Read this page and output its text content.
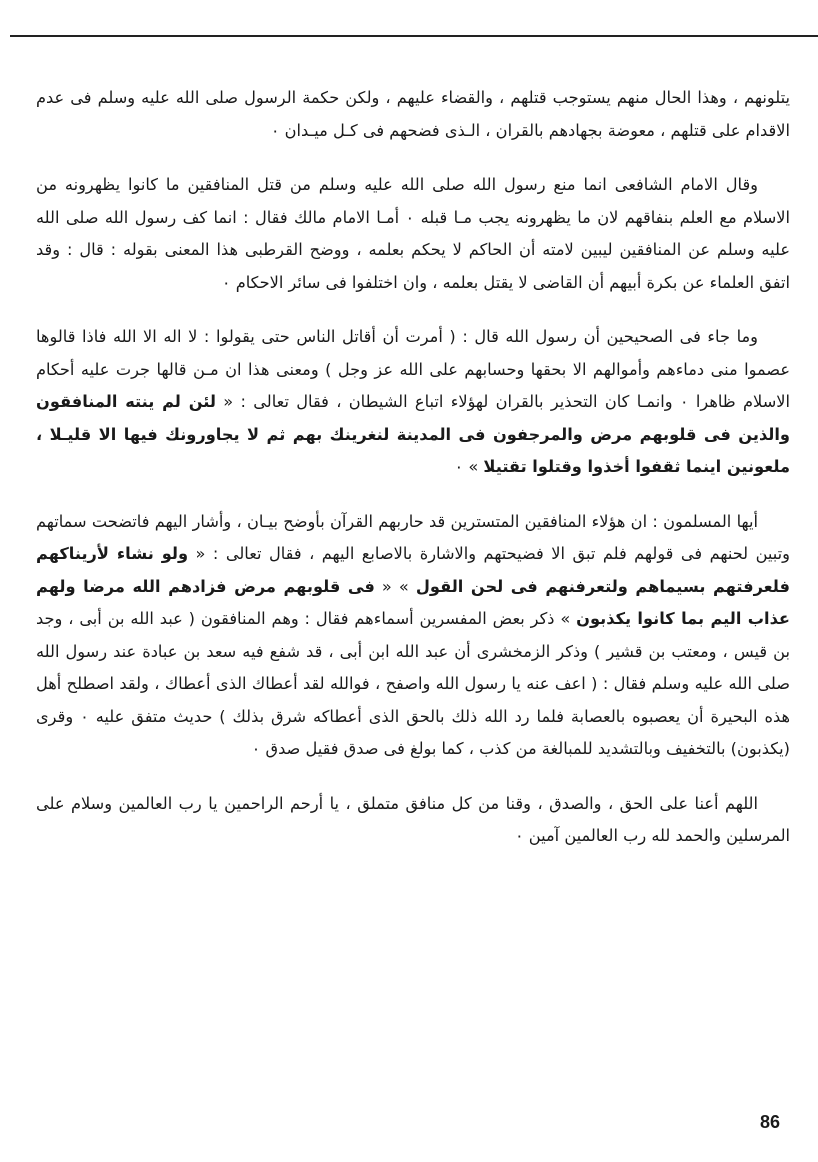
يتلونهم ، وهذا الحال منهم يستوجب قتلهم ، والقضاء عليهم ، ولكن حكمة الرسول صلى الله عليه وسلم فى عدم الاقدام على قتلهم ، معوضة بجهادهم بالقران ، الـذى فضحهم فى كـل ميـدان ٠

وقال الامام الشافعى انما منع رسول الله صلى الله عليه وسلم من قتل المنافقين ما كانوا يظهرونه من الاسلام مع العلم بنفاقهم لان ما يظهرونه يجب مـا قبله ٠ أمـا الامام مالك فقال : انما كف رسول الله صلى الله عليه وسلم عن المنافقين ليبين لامته أن الحاكم لا يحكم بعلمه ، ووضح القرطبى هذا المعنى بقوله : قال : وقد اتفق العلماء عن بكرة أبيهم أن القاضى لا يقتل بعلمه ، وان اختلفوا فى سائر الاحكام ٠

وما جاء فى الصحيحين أن رسول الله قال : ( أمرت أن أقاتل الناس حتى يقولوا : لا اله الا الله فاذا قالوها عصموا منى دماءهم وأموالهم الا بحقها وحسابهم على الله عز وجل ) ومعنى هذا ان مـن قالها جرت عليه أحكام الاسلام ظاهرا ٠ وانمـا كان التحذير بالقران لهؤلاء اتباع الشيطان ، فقال تعالى : « لئن لم ينته المنافقون والذين فى قلوبهم مرض والمرجفون فى المدينة لنغرينك بهم ثم لا يجاورونك فيها الا قليـلا ، ملعونين اينما ثقفوا أخذوا وقتلوا تقتيلا » ٠

أيها المسلمون : ان هؤلاء المنافقين المتسترين قد حاربهم القرآن بأوضح بيـان ، وأشار اليهم فاتضحت سماتهم وتبين لحنهم فى قولهم فلم تبق الا فضيحتهم والاشارة بالاصابع اليهم ، فقال تعالى : « ولو نشاء لأريناكهم فلعرفتهم بسيماهم ولتعرفنهم فى لحن القول » « فى قلوبهم مرض فزادهم الله مرضا ولهم عذاب اليم بما كانوا يكذبون » ذكر بعض المفسرين أسماءهم فقال : وهم المنافقون ( عبد الله بن أبى ، وجد بن قيس ، ومعتب بن قشير ) وذكر الزمخشرى أن عبد الله ابن أبى ، قد شفع فيه سعد بن عبادة عند رسول الله صلى الله عليه وسلم فقال : ( اعف عنه يا رسول الله واصفح ، فوالله لقد أعطاك الذى أعطاك ، ولقد اصطلح أهل هذه البحيرة أن يعصبوه بالعصابة فلما رد الله ذلك بالحق الذى أعطاكه شرق بذلك ) حديث متفق عليه ٠ وقرى (يكذبون) بالتخفيف وبالتشديد للمبالغة من كذب ، كما بولغ فى صدق فقيل صدق ٠

اللهم أعنا على الحق ، والصدق ، وقنا من كل منافق متملق ، يا أرحم الراحمين يا رب العالمين وسلام على المرسلين والحمد لله رب العالمين آمين ٠

86
